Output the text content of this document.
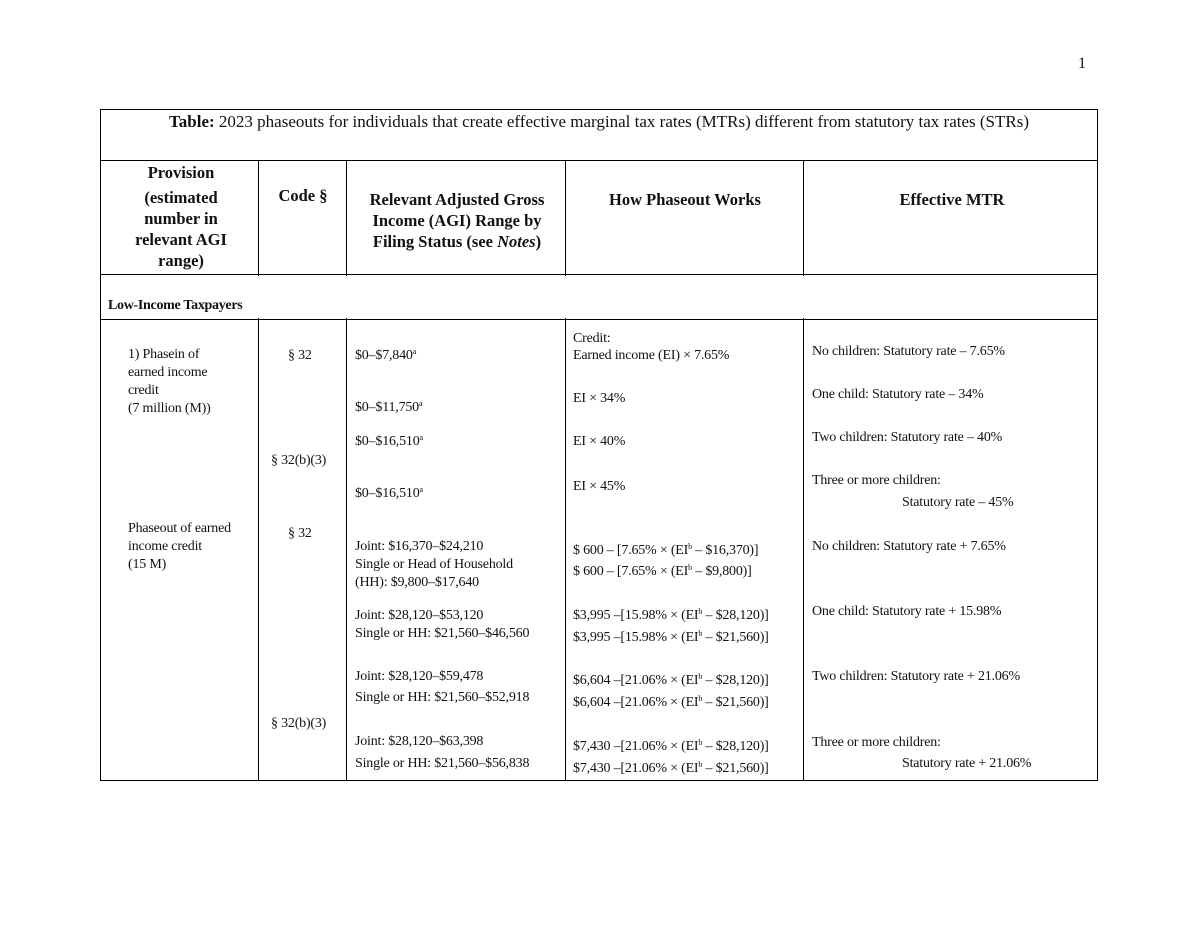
1
Table: 2023 phaseouts for individuals that create effective marginal tax rates (MTRs) different from statutory tax rates (STRs)
Provision
(estimated number in relevant AGI range)
Code §	Relevant Adjusted Gross Income (AGI) Range by Filing Status (see Notes)
How Phaseout Works	Effective MTR
Low-Income Taxpayers
1) Phasein of
earned income
credit
(7 million (M))
Phaseout of earned
income credit
(15 M)
§ 32
§ 32(b)(3)
§ 32
§ 32(b)(3)
$0–$7,840$^a$
$0–$11,750$^a$
$0–$16,510$^a$
$0–$16,510$^a$
Credit:
Earned income (EI) × 7.65%
EI × 34%
EI × 40%
EI × 45%
No children: Statutory rate – 7.65%
One child: Statutory rate – 34%
Two children: Statutory rate – 40%
Three or more children:
Statutory rate – 45%
Joint: $16,370–$24,210
Single or Head of Household
(HH): $9,800–$17,640
$ $600 - [7.65\% \times (EI^b$ – $16,370)]
$ $600 - [7.65\% \times (EI^b$ – $9,800)]
No children: Statutory rate + 7.65%
Joint: $28,120–$53,120
Single or HH: $21,560–$46,560
$3,995 $-[15.98\% \times (EI^b$ – $28,120)]
$3,995 $-[15.98\% \times (EI^b$ – $21,560)]
One child: Statutory rate + 15.98%
Joint: $28,120–$59,478
Single or HH: $21,560–$52,918
$6,604 $-[21.06\% \times (EI^b$ – $28,120)]
$6,604 $-[21.06\% \times (EI^b$ – $21,560)]
Two children: Statutory rate + 21.06%
Joint: $28,120–$63,398
Single or HH: $21,560–$56,838
$7,430 $-[21.06\% \times (EI^b$ – $28,120)]
$7,430 $-[21.06\% \times (EI^b$ – $21,560)]
Three or more children:
Statutory rate + 21.06%
